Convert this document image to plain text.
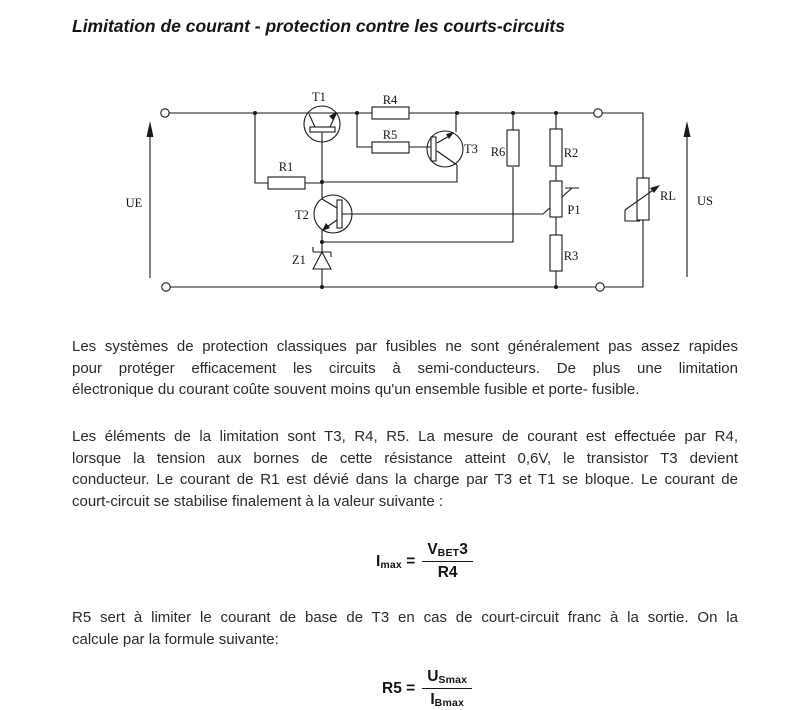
Limitation de courant - protection contre les courts-circuits
T1	R4
R5
T3 R6	R2
R1
UE
T2	P1
RL US
Z1	R3
Les systèmes de protection classiques par fusibles ne sont généralement pas assez rapides
pour protéger efficacement les circuits à semi-conducteurs. De plus une limitation
électronique du courant coûte souvent moins qu'un ensemble fusible et porte- fusible.
Les éléments de la limitation sont T3, R4, R5. La mesure de courant est effectuée par R4,
lorsque la tension aux bornes de cette résistance atteint 0,6V, le transistor T3 devient
conducteur. Le courant de R1 est dévié dans la charge par T3 et T1 se bloque. Le courant de
court-circuit se stabilise finalement à la valeur suivante :
$I_{max} = \frac{V_{BET}3}{R4}$
R5 sert à limiter le courant de base de T3 en cas de court-circuit franc à la sortie. On la
calcule par la formule suivante:
$R5 = \frac{U_{Smax}}{I_{Bmax}}$
